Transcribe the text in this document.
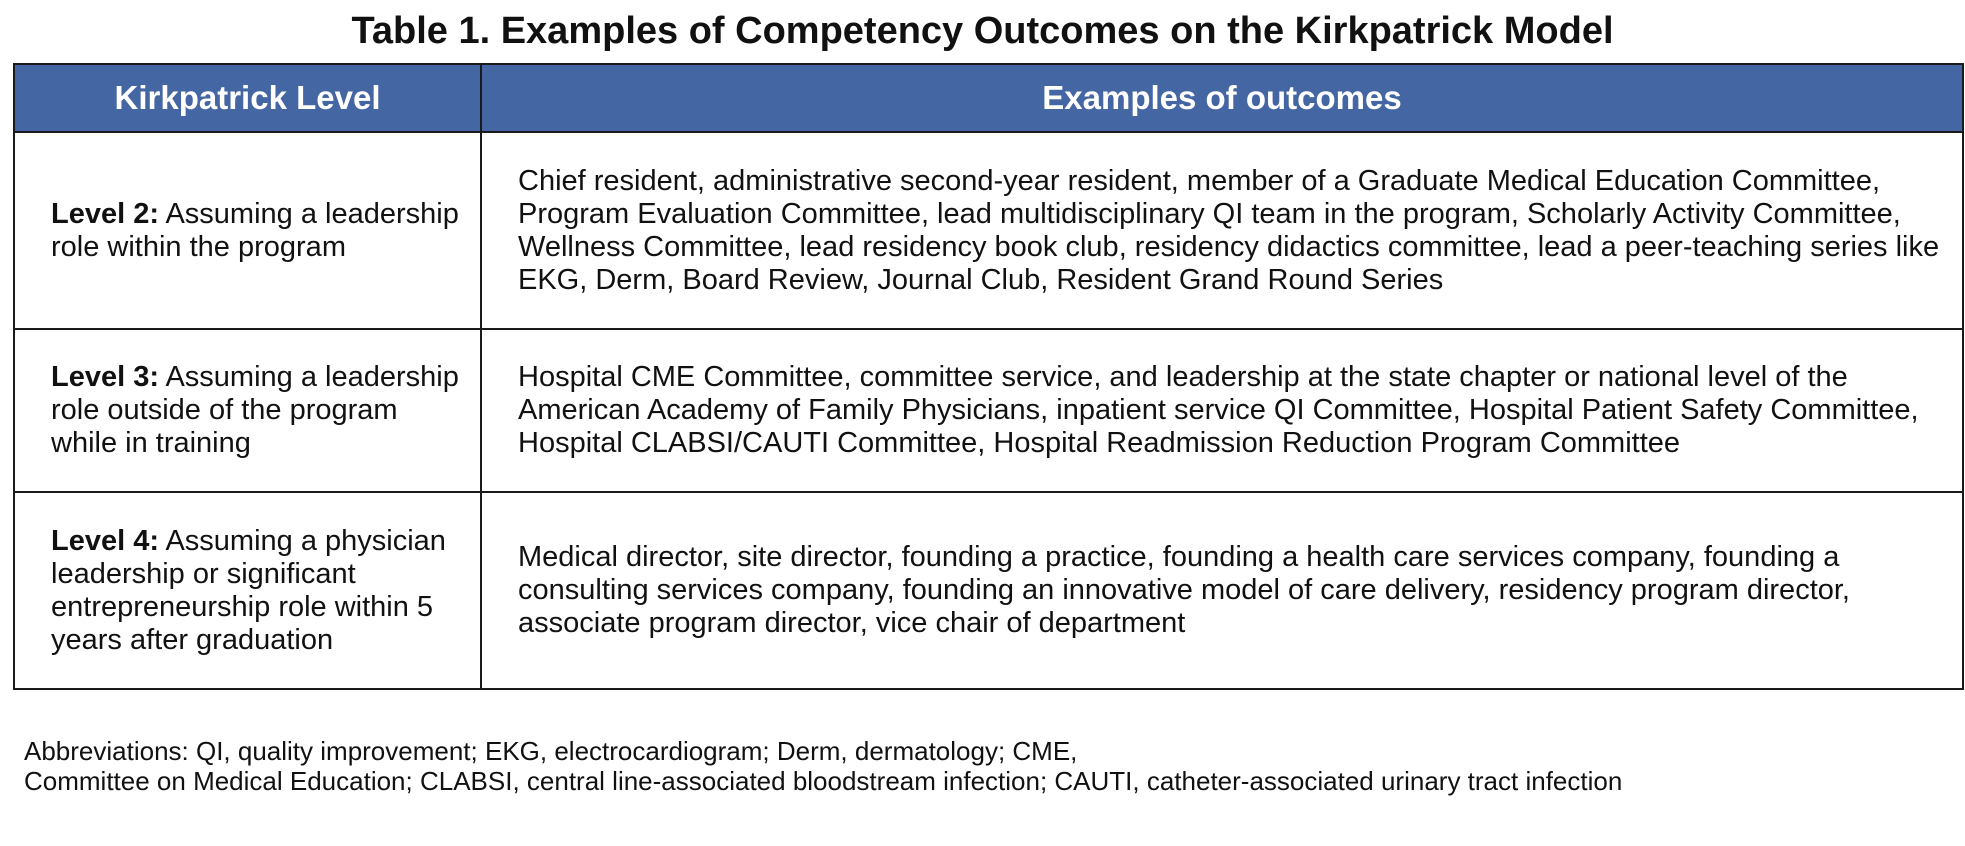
Table 1. Examples of Competency Outcomes on the Kirkpatrick Model
Kirkpatrick Level	Examples of outcomes
Level 2: Assuming a leadership role within the program	Chief resident, administrative second-year resident, member of a Graduate Medical Education Committee, Program Evaluation Committee, lead multidisciplinary QI team in the program, Scholarly Activity Committee, Wellness Committee, lead residency book club, residency didactics committee, lead a peer-teaching series like EKG, Derm, Board Review, Journal Club, Resident Grand Round Series
Level 3: Assuming a leadership role outside of the program while in training	Hospital CME Committee, committee service, and leadership at the state chapter or national level of the American Academy of Family Physicians, inpatient service QI Committee, Hospital Patient Safety Committee, Hospital CLABSI/CAUTI Committee, Hospital Readmission Reduction Program Committee
Level 4: Assuming a physician leadership or significant entrepreneurship role within 5 years after graduation	Medical director, site director, founding a practice, founding a health care services company, founding a consulting services company, founding an innovative model of care delivery, residency program director, associate program director, vice chair of department
Abbreviations: QI, quality improvement; EKG, electrocardiogram; Derm, dermatology; CME,
Committee on Medical Education; CLABSI, central line-associated bloodstream infection; CAUTI, catheter-associated urinary tract infection
